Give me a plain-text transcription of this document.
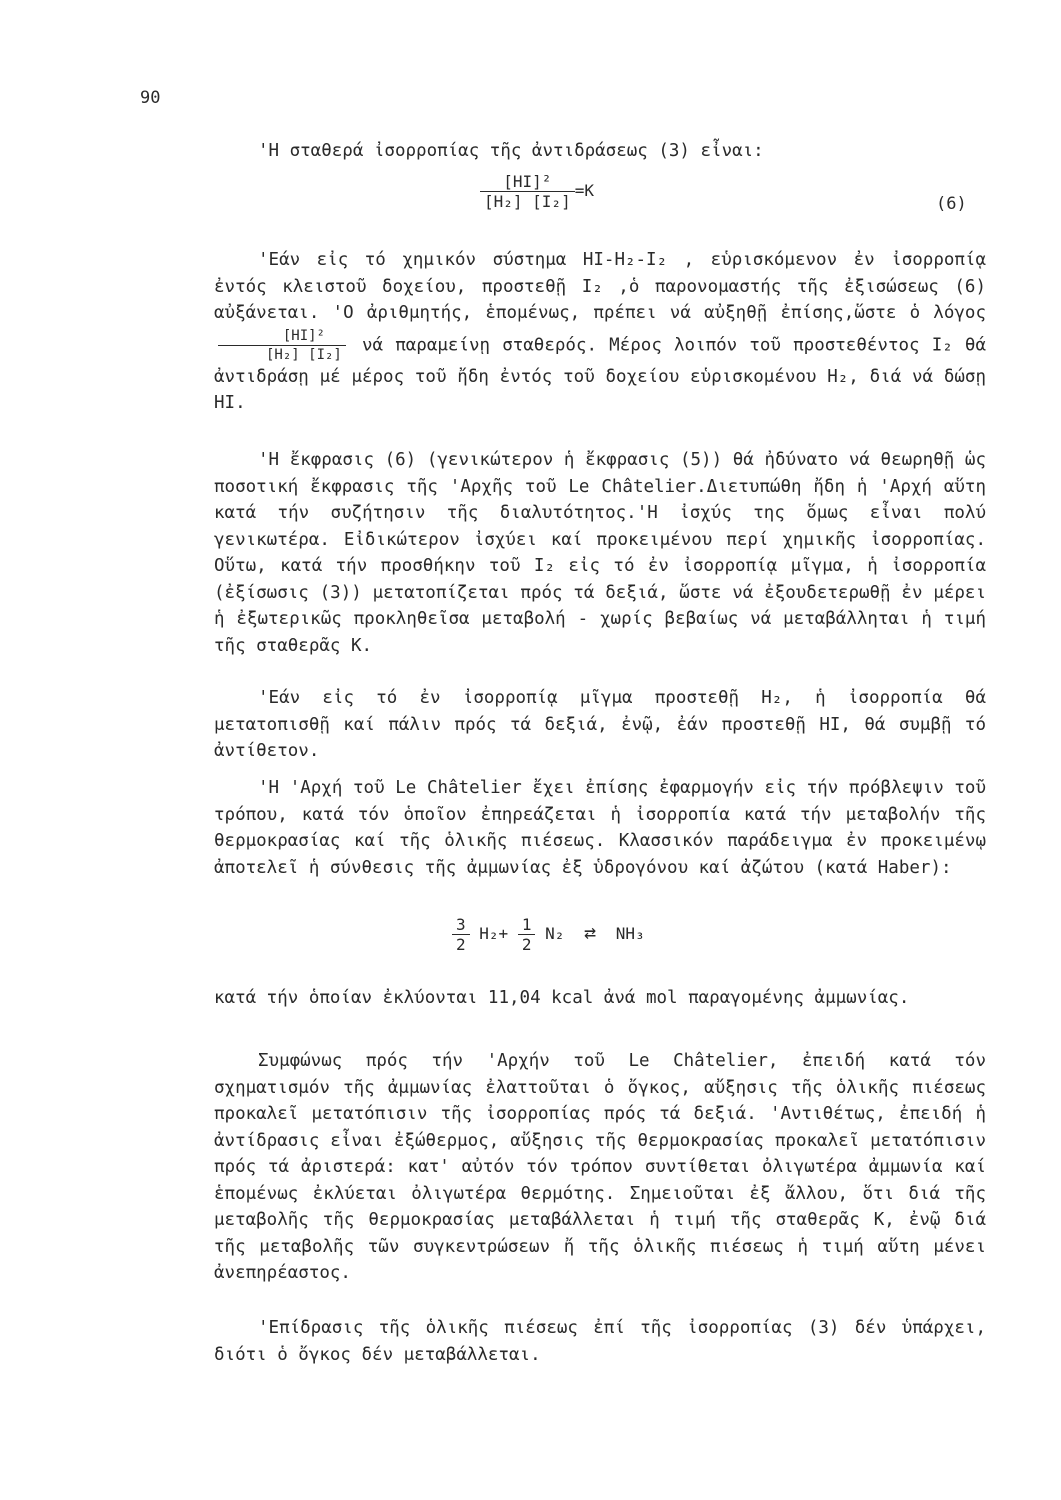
90

'Η σταθερά ἰσορροπίας τῆς ἀντιδράσεως (3) εἶναι:

$\frac{\text{[HI]²}}{\text{[H₂] [I₂]}} =K$
(6)
'Εάν εἰς τό χημικόν σύστημα HI-H₂-I₂ , εὑρισκόμενον ἐν ἰσορροπίᾳ ἐντός κλειστοῦ δοχείου, προστεθῇ I₂ ,ὁ παρονομαστής τῆς ἐξισώσεως (6) αὐξάνεται. 'Ο ἀριθμητής, ἑπομένως, πρέπει νά αὐξηθῇ ἐπίσης,ὥστε ὁ λόγος
$\frac{\text{[HI]²}}{\text{[H₂] [I₂]}}$ νά παραμείνῃ σταθερός. Μέρος λοιπόν τοῦ προστεθέντος I₂ θά ἀντιδράσῃ μέ μέρος τοῦ ἤδη ἐντός τοῦ δοχείου εὑρισκομένου H₂, διά νά δώσῃ HI.

'Η ἔκφρασις (6) (γενικώτερον ἡ ἔκφρασις (5)) θά ἠδύνατο νά θεωρηθῇ ὡς ποσοτική ἔκφρασις τῆς 'Αρχῆς τοῦ Le Châtelier.Διετυπώθη ἤδη ἡ 'Αρχή αὕτη κατά τήν συζήτησιν τῆς διαλυτότητος.'Η ἰσχύς της ὅμως εἶναι πολύ γενικωτέρα. Εἰδικώτερον ἰσχύει καί προκειμένου περί χημικῆς ἰσορροπίας. Οὕτω, κατά τήν προσθήκην τοῦ I₂ εἰς τό ἐν ἰσορροπίᾳ μῖγμα, ἡ ἰσορροπία (ἐξίσωσις (3)) μετατοπίζεται πρός τά δεξιά, ὥστε νά ἐξουδετερωθῇ ἐν μέρει ἡ ἐξωτερικῶς προκληθεῖσα μεταβολή - χωρίς βεβαίως νά μεταβάλληται ἡ τιμή τῆς σταθερᾶς K.

'Εάν εἰς τό ἐν ἰσορροπίᾳ μῖγμα προστεθῇ H₂, ἡ ἰσορροπία θά μετατοπισθῇ καί πάλιν πρός τά δεξιά, ἐνῷ, ἐάν προστεθῇ HI, θά συμβῇ τό ἀντίθετον.

'Η 'Αρχή τοῦ Le Châtelier ἔχει ἐπίσης ἐφαρμογήν εἰς τήν πρόβλεψιν τοῦ τρόπου, κατά τόν ὁποῖον ἐπηρεάζεται ἡ ἰσορροπία κατά τήν μεταβολήν τῆς θερμοκρασίας καί τῆς ὁλικῆς πιέσεως. Κλασσικόν παράδειγμα ἐν προκειμένῳ ἀποτελεῖ ἡ σύνθεσις τῆς ἀμμωνίας ἐξ ὑδρογόνου καί ἀζώτου (κατά Haber):

$\frac{3}{2} H_2+ \frac{1}{2} N_2$ ⇄ NH₃

κατά τήν ὁποίαν ἐκλύονται 11,04 kcal ἀνά mol παραγομένης ἀμμωνίας.

Συμφώνως πρός τήν 'Αρχήν τοῦ Le Châtelier, ἐπειδή κατά τόν σχηματισμόν τῆς ἀμμωνίας ἐλαττοῦται ὁ ὄγκος, αὔξησις τῆς ὁλικῆς πιέσεως προκαλεῖ μετατόπισιν τῆς ἰσορροπίας πρός τά δεξιά. 'Αντιθέτως, ἐπειδή ἡ ἀντίδρασις εἶναι ἐξώθερμος, αὔξησις τῆς θερμοκρασίας προκαλεῖ μετατόπισιν πρός τά ἀριστερά: κατ' αὐτόν τόν τρόπον συντίθεται ὀλιγωτέρα ἀμμωνία καί ἑπομένως ἐκλύεται ὀλιγωτέρα θερμότης. Σημειοῦται ἐξ ἄλλου, ὅτι διά τῆς μεταβολῆς τῆς θερμοκρασίας μεταβάλλεται ἡ τιμή τῆς σταθερᾶς K, ἐνῷ διά τῆς μεταβολῆς τῶν συγκεντρώσεων ἤ τῆς ὁλικῆς πιέσεως ἡ τιμή αὕτη μένει ἀνεπηρέαστος.

'Επίδρασις τῆς ὁλικῆς πιέσεως ἐπί τῆς ἰσορροπίας (3) δέν ὑπάρχει, διότι ὁ ὄγκος δέν μεταβάλλεται.
